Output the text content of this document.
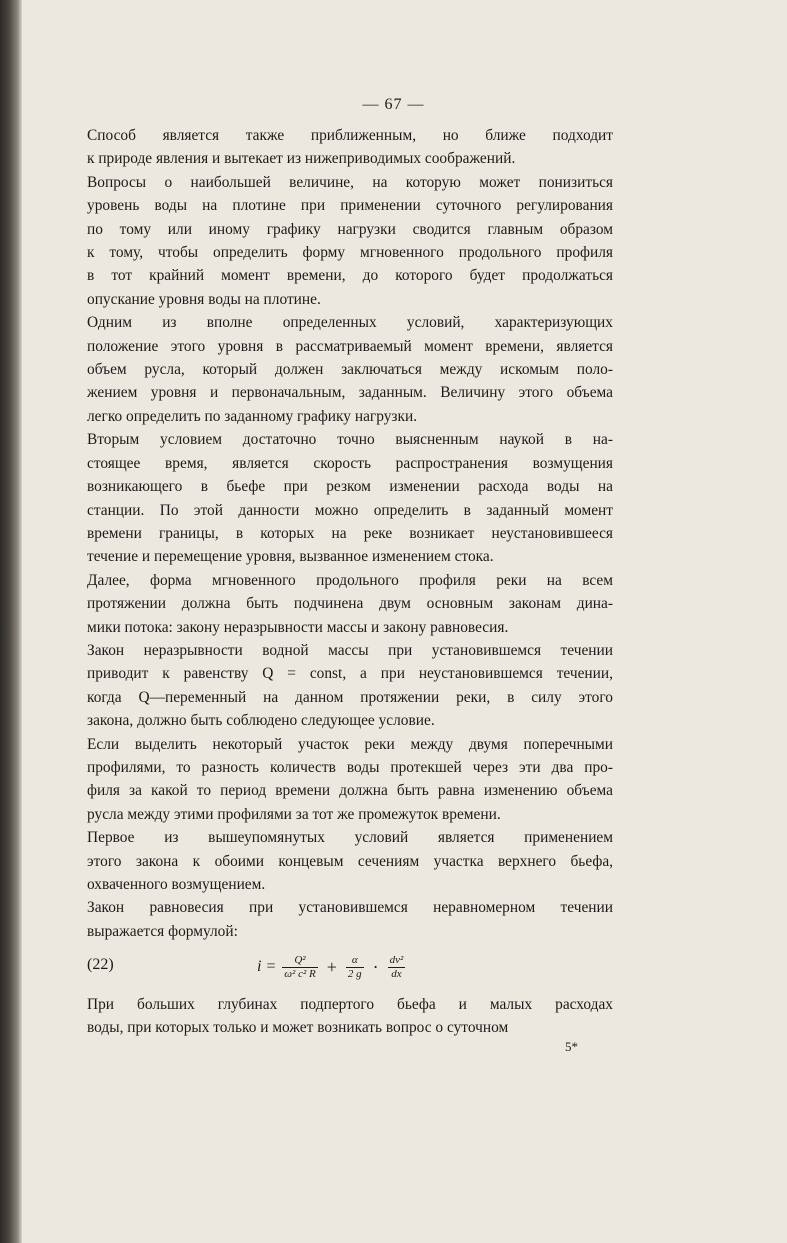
— 67 —
Способ является также приближенным, но ближе подходит
к природе явления и вытекает из нижеприводимых соображений.
Вопросы о наибольшей величине, на которую может понизиться
уровень воды на плотине при применении суточного регулирования
по тому или иному графику нагрузки сводится главным образом
к тому, чтобы определить форму мгновенного продольного профиля
в тот крайний момент времени, до которого будет продолжаться
опускание уровня воды на плотине.
Одним из вполне определенных условий, характеризующих
положение этого уровня в рассматриваемый момент времени, является
объем русла, который должен заключаться между искомым поло-
жением уровня и первоначальным, заданным. Величину этого объема
легко определить по заданному графику нагрузки.
Вторым условием достаточно точно выясненным наукой в на-
стоящее время, является скорость распространения возмущения
возникающего в бьефе при резком изменении расхода воды на
станции. По этой данности можно определить в заданный момент
времени границы, в которых на реке возникает неустановившееся
течение и перемещение уровня, вызванное изменением стока.
Далее, форма мгновенного продольного профиля реки на всем
протяжении должна быть подчинена двум основным законам дина-
мики потока: закону неразрывности массы и закону равновесия.
Закон неразрывности водной массы при установившемся течении
приводит к равенству Q = const, а при неустановившемся течении,
когда Q—переменный на данном протяжении реки, в силу этого
закона, должно быть соблюдено следующее условие.
Если выделить некоторый участок реки между двумя поперечными
профилями, то разность количеств воды протекшей через эти два про-
филя за какой то период времени должна быть равна изменению объема
русла между этими профилями за тот же промежуток времени.
Первое из вышеупомянутых условий является применением
этого закона к обоими концевым сечениям участка верхнего бьефа,
охваченного возмущением.
Закон равновесия при установившемся неравномерном течении
выражается формулой:
(22)	$i = \frac{\text{Q²}}{\text{ω² c² R}} + \frac{\alpha}{2 g} \cdot \frac{\text{dv²}}{dx}$
При больших глубинах подпертого бьефа и малых расходах
воды, при которых только и может возникать вопрос о суточном
5*
